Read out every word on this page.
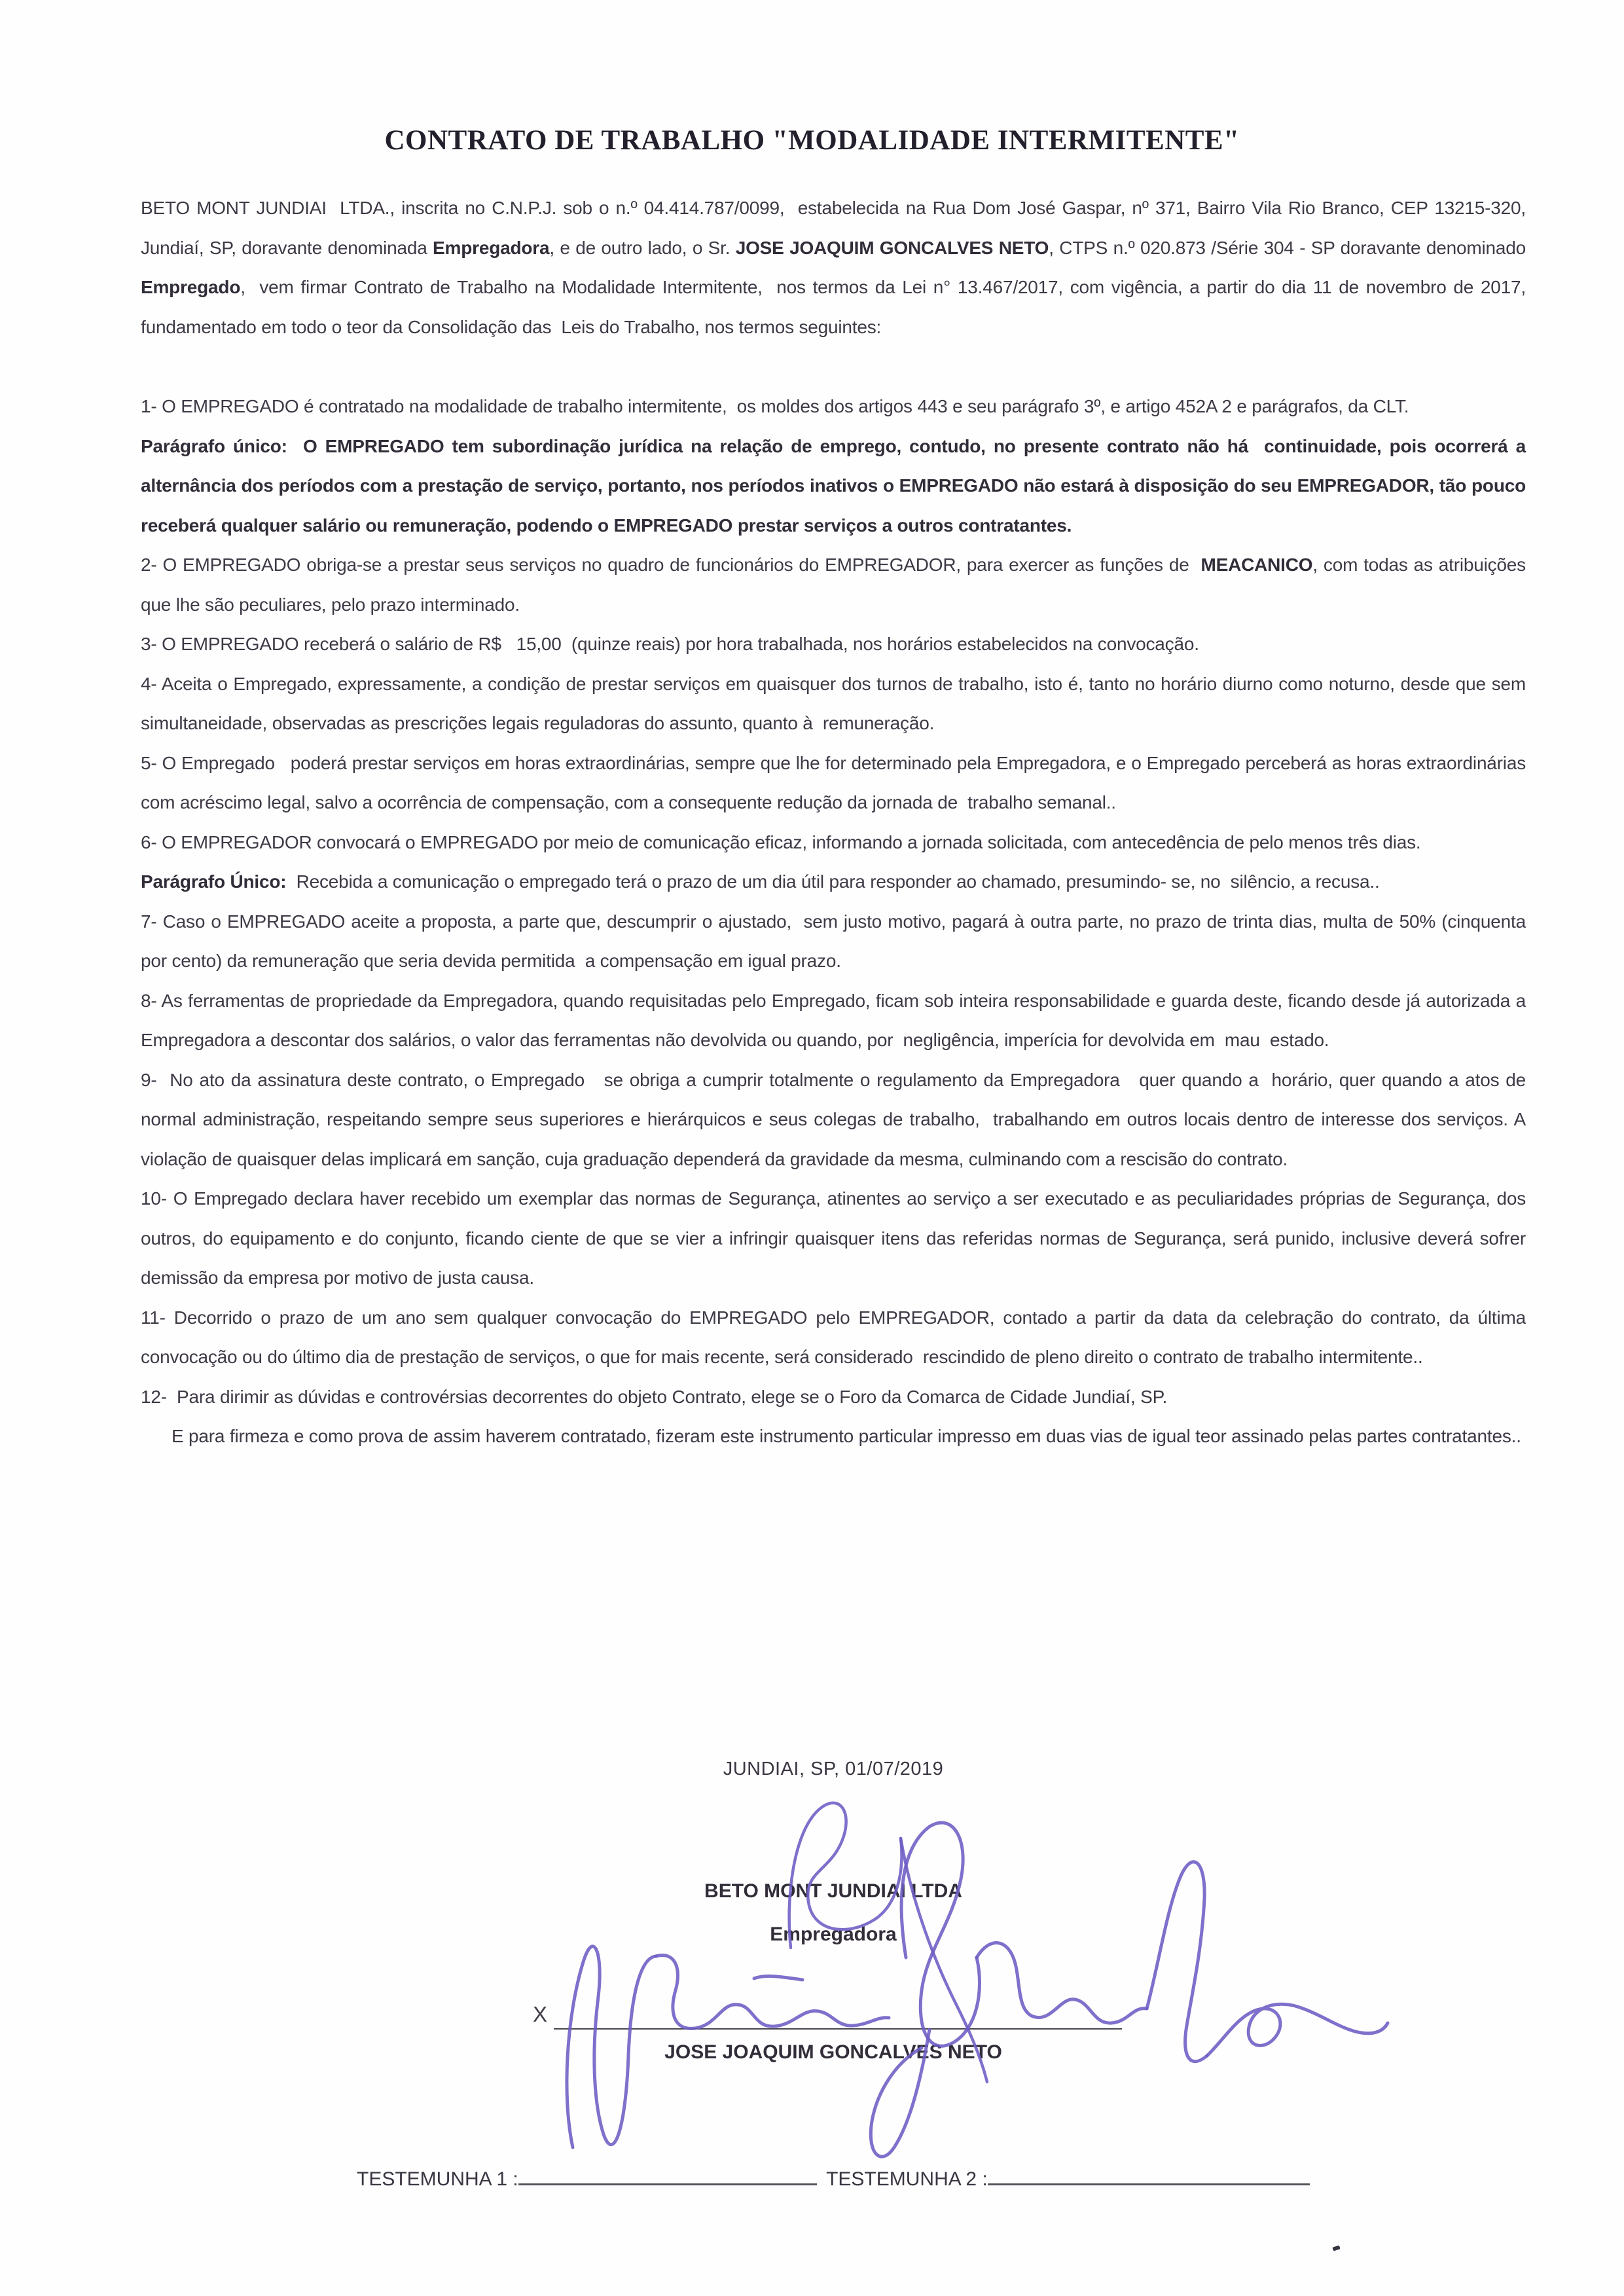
CONTRATO DE TRABALHO "MODALIDADE INTERMITENTE"

BETO MONT JUNDIAI  LTDA., inscrita no C.N.P.J. sob o n.º 04.414.787/0099,  estabelecida na Rua Dom José Gaspar, nº 371, Bairro Vila Rio Branco, CEP 13215-320, Jundiaí, SP, doravante denominada Empregadora, e de outro lado, o Sr. JOSE JOAQUIM GONCALVES NETO, CTPS n.º 020.873 /Série 304 - SP doravante denominado  Empregado,  vem firmar Contrato de Trabalho na Modalidade Intermitente,  nos termos da Lei n° 13.467/2017, com vigência, a partir do dia 11 de novembro de 2017, fundamentado em todo o teor da Consolidação das  Leis do Trabalho, nos termos seguintes:

1- O EMPREGADO é contratado na modalidade de trabalho intermitente,  os moldes dos artigos 443 e seu parágrafo 3º, e artigo 452A 2 e parágrafos, da CLT.

Parágrafo único:  O EMPREGADO tem subordinação jurídica na relação de emprego, contudo, no presente contrato não há  continuidade, pois ocorrerá a alternância dos períodos com a prestação de serviço, portanto, nos períodos inativos o EMPREGADO não estará à disposição do seu EMPREGADOR, tão pouco receberá qualquer salário ou remuneração, podendo o EMPREGADO prestar serviços a outros contratantes.

2- O EMPREGADO obriga-se a prestar seus serviços no quadro de funcionários do EMPREGADOR, para exercer as funções de  MEACANICO, com todas as atribuições que lhe são peculiares, pelo prazo interminado.

3- O EMPREGADO receberá o salário de R$   15,00  (quinze reais) por hora trabalhada, nos horários estabelecidos na convocação.

4- Aceita o Empregado, expressamente, a condição de prestar serviços em quaisquer dos turnos de trabalho, isto é, tanto no horário diurno como noturno, desde que sem simultaneidade, observadas as prescrições legais reguladoras do assunto, quanto à  remuneração.

5- O Empregado   poderá prestar serviços em horas extraordinárias, sempre que lhe for determinado pela Empregadora, e o Empregado perceberá as horas extraordinárias com acréscimo legal, salvo a ocorrência de compensação, com a consequente redução da jornada de  trabalho semanal..

6- O EMPREGADOR convocará o EMPREGADO por meio de comunicação eficaz, informando a jornada solicitada, com antecedência de pelo menos três dias.

Parágrafo Único:  Recebida a comunicação o empregado terá o prazo de um dia útil para responder ao chamado, presumindo- se, no  silêncio, a recusa..

7- Caso o EMPREGADO aceite a proposta, a parte que, descumprir o ajustado,  sem justo motivo, pagará à outra parte, no prazo de trinta dias, multa de 50% (cinquenta por cento) da remuneração que seria devida permitida  a compensação em igual prazo.

8- As ferramentas de propriedade da Empregadora, quando requisitadas pelo Empregado, ficam sob inteira responsabilidade e guarda deste, ficando desde já autorizada a Empregadora a descontar dos salários, o valor das ferramentas não devolvida ou quando, por  negligência, imperícia for devolvida em  mau  estado.

9-  No ato da assinatura deste contrato, o Empregado   se obriga a cumprir totalmente o regulamento da Empregadora   quer quando a  horário, quer quando a atos de normal administração, respeitando sempre seus superiores e hierárquicos e seus colegas de trabalho,  trabalhando em outros locais dentro de interesse dos serviços. A violação de quaisquer delas implicará em sanção, cuja graduação dependerá da gravidade da mesma, culminando com a rescisão do contrato.

10- O Empregado declara haver recebido um exemplar das normas de Segurança, atinentes ao serviço a ser executado e as peculiaridades próprias de Segurança, dos outros, do equipamento e do conjunto, ficando ciente de que se vier a infringir quaisquer itens das referidas normas de Segurança, será punido, inclusive deverá sofrer demissão da empresa por motivo de justa causa.

11- Decorrido o prazo de um ano sem qualquer convocação do EMPREGADO pelo EMPREGADOR, contado a partir da data da celebração do contrato, da última convocação ou do último dia de prestação de serviços, o que for mais recente, será considerado  rescindido de pleno direito o contrato de trabalho intermitente..

12-  Para dirimir as dúvidas e controvérsias decorrentes do objeto Contrato, elege se o Foro da Comarca de Cidade Jundiaí, SP.

E para firmeza e como prova de assim haverem contratado, fizeram este instrumento particular impresso em duas vias de igual teor assinado pelas partes contratantes..

JUNDIAI, SP, 01/07/2019
BETO MONT JUNDIAI LTDA
Empregadora
X
JOSE JOAQUIM GONCALVES NETO
TESTEMUNHA 1 :	TESTEMUNHA 2 :
